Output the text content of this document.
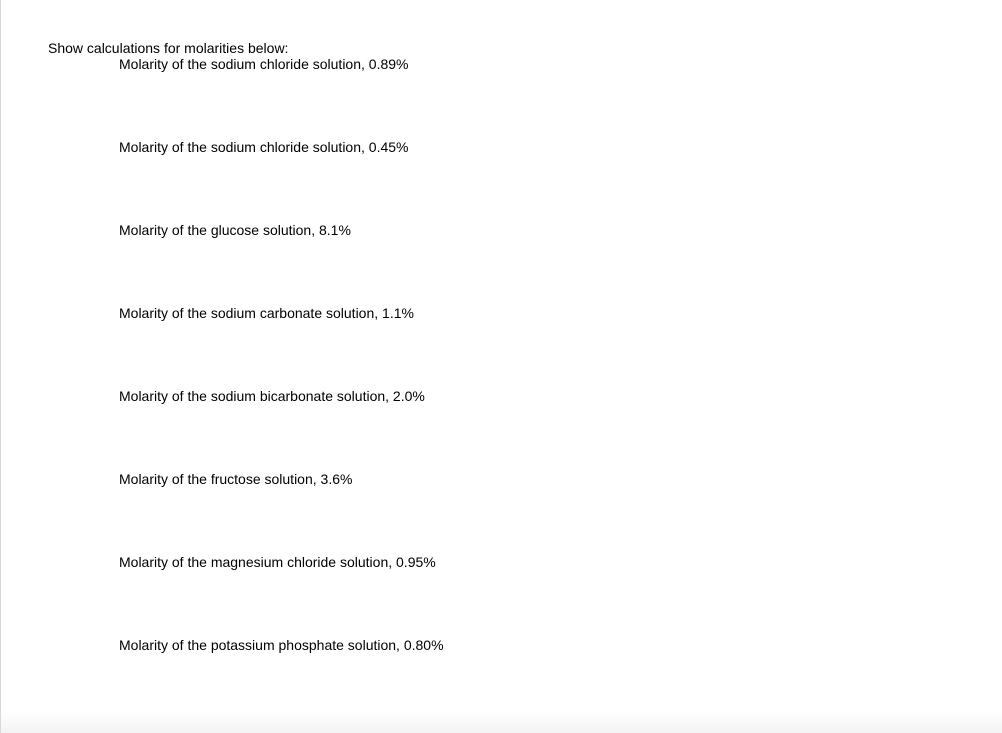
Show calculations for molarities below:
Molarity of the sodium chloride solution, 0.89%
Molarity of the sodium chloride solution, 0.45%
Molarity of the glucose solution, 8.1%
Molarity of the sodium carbonate solution, 1.1%
Molarity of the sodium bicarbonate solution, 2.0%
Molarity of the fructose solution, 3.6%
Molarity of the magnesium chloride solution, 0.95%
Molarity of the potassium phosphate solution, 0.80%
